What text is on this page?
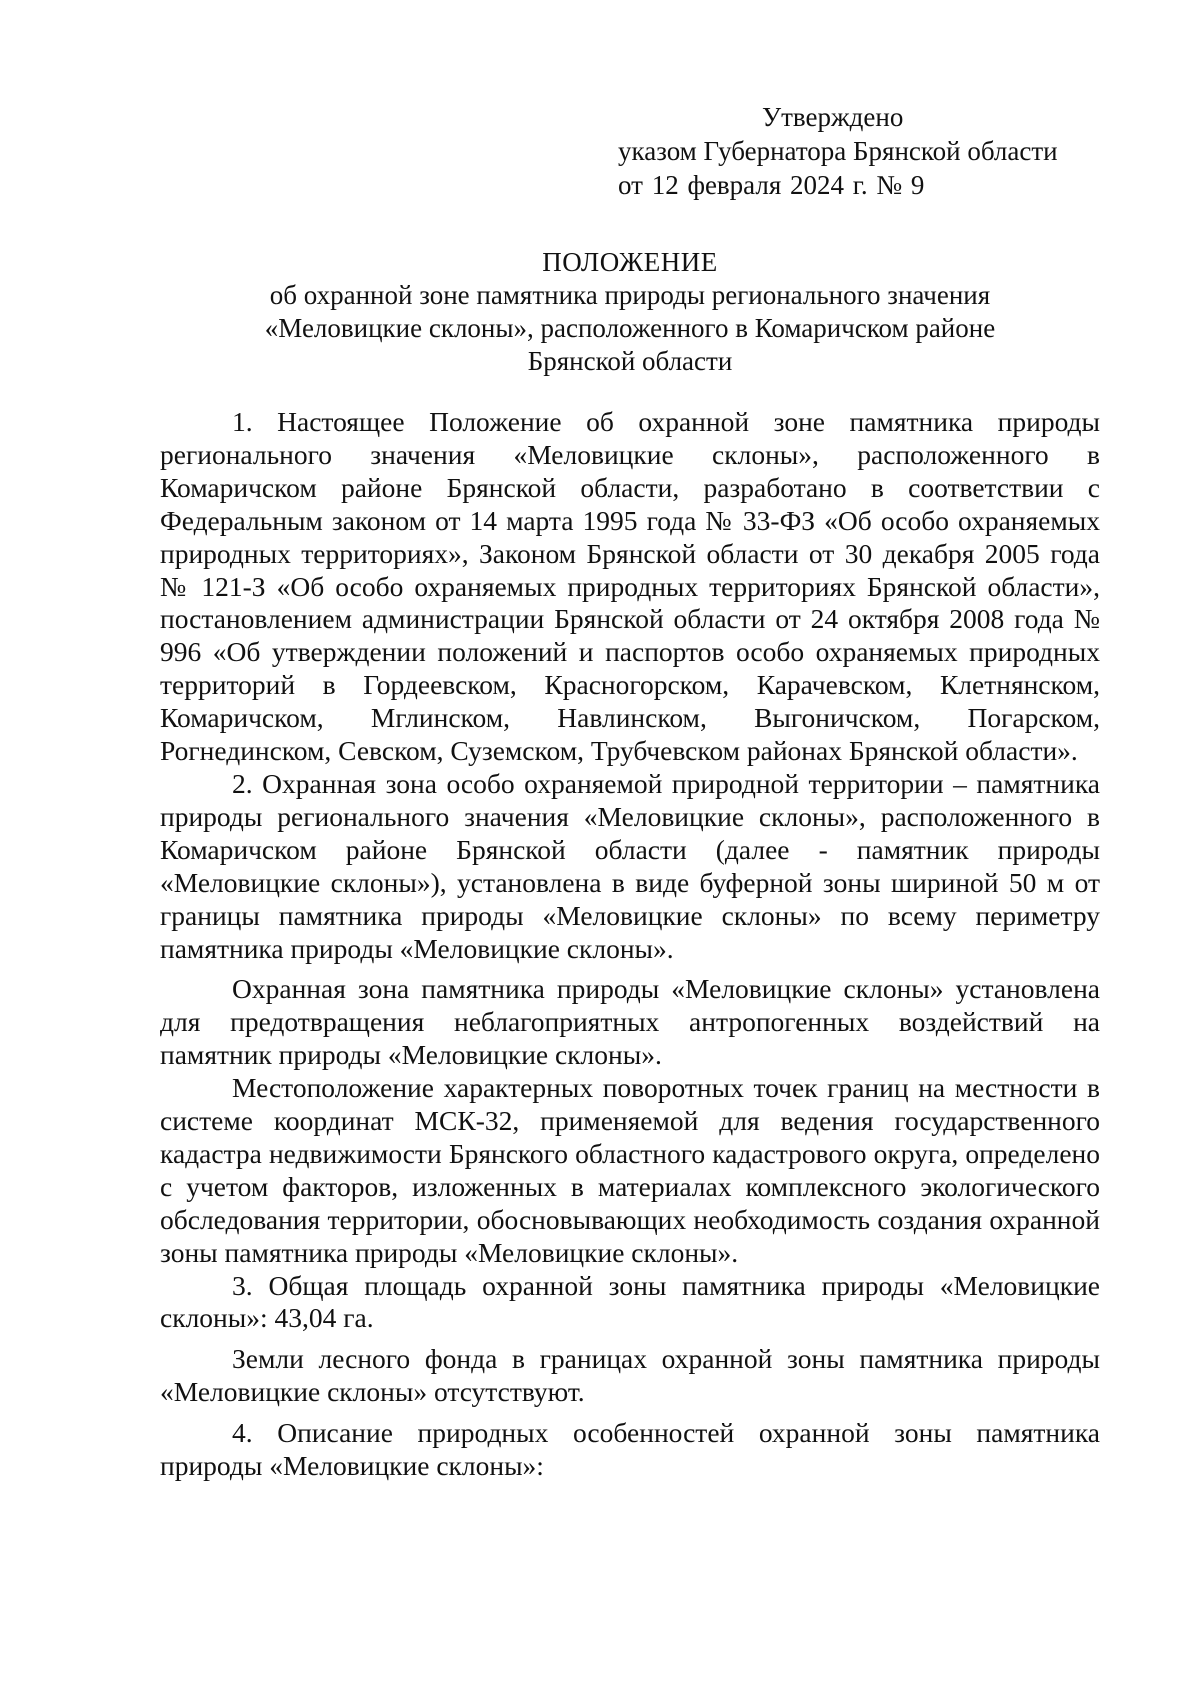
Утверждено
указом Губернатора Брянской области
от 12 февраля 2024 г. № 9
ПОЛОЖЕНИЕ
об охранной зоне памятника природы регионального значения
«Меловицкие склоны», расположенного в Комаричском районе
Брянской области

1. Настоящее Положение об охранной зоне памятника природы регионального значения «Меловицкие склоны», расположенного в Комаричском районе Брянской области, разработано в соответствии с Федеральным законом от 14 марта 1995 года № 33-ФЗ «Об особо охраняемых природных территориях», Законом Брянской области от 30 декабря 2005 года № 121-З «Об особо охраняемых природных территориях Брянской области», постановлением администрации Брянской области от 24 октября 2008 года № 996 «Об утверждении положений и паспортов особо охраняемых природных территорий в Гордеевском, Красногорском, Карачевском, Клетнянском, Комаричском, Мглинском, Навлинском, Выгоничском, Погарском, Рогнединском, Севском, Суземском, Трубчевском районах Брянской области».

2. Охранная зона особо охраняемой природной территории – памятника природы регионального значения «Меловицкие склоны», расположенного в Комаричском районе Брянской области (далее - памятник природы «Меловицкие склоны»), установлена в виде буферной зоны шириной 50 м от границы памятника природы «Меловицкие склоны» по всему периметру памятника природы «Меловицкие склоны».

Охранная зона памятника природы «Меловицкие склоны» установлена для предотвращения неблагоприятных антропогенных воздействий на памятник природы «Меловицкие склоны».

Местоположение характерных поворотных точек границ на местности в системе координат МСК-32, применяемой для ведения государственного кадастра недвижимости Брянского областного кадастрового округа, определено с учетом факторов, изложенных в материалах комплексного экологического обследования территории, обосновывающих необходимость создания охранной зоны памятника природы «Меловицкие склоны».

3. Общая площадь охранной зоны памятника природы «Меловицкие склоны»: 43,04 га.

Земли лесного фонда в границах охранной зоны памятника природы «Меловицкие склоны» отсутствуют.

4. Описание природных особенностей охранной зоны памятника природы «Меловицкие склоны»:
